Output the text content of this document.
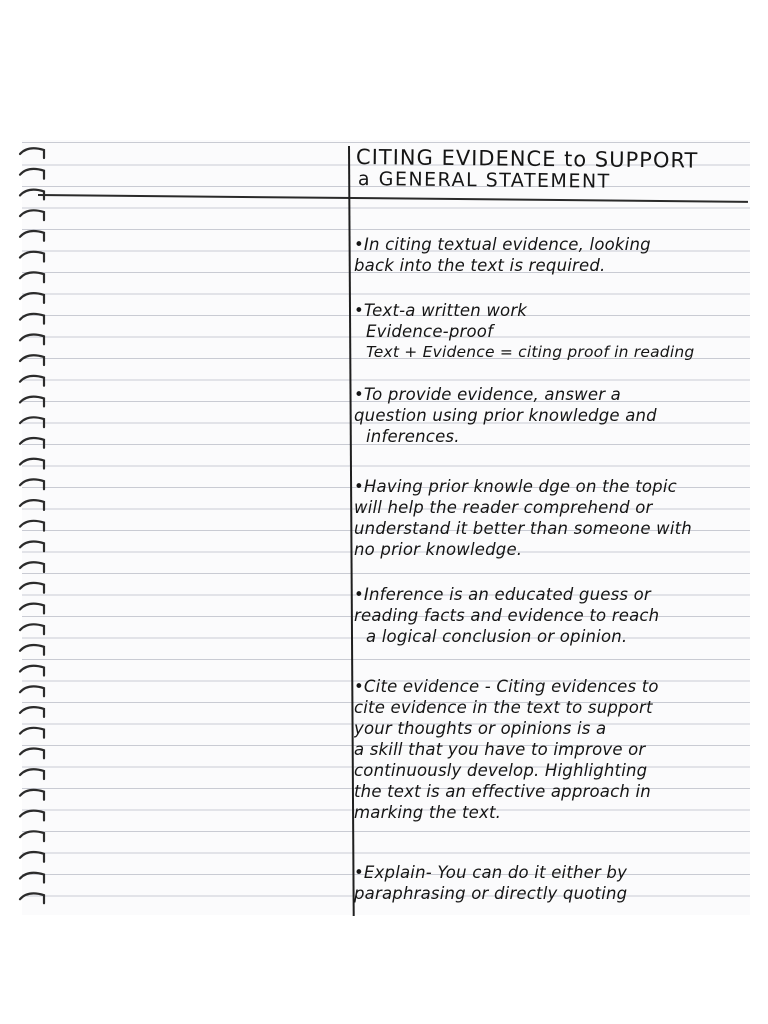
CITING EVIDENCE to SUPPORT
a GENERAL STATEMENT
•In citing textual evidence, looking
back into the text is required.
•Text-a written work
Evidence-proof
Text + Evidence = citing proof in reading
•To provide evidence, answer a
question using prior knowledge and
inferences.
•Having prior knowle dge on the topic
will help the reader comprehend or
understand it better than someone with
no prior knowledge.
•Inference is an educated guess or
reading facts and evidence to reach
a logical conclusion or opinion.
•Cite evidence - Citing evidences to
cite evidence in the text to support
your thoughts or opinions is a
a skill that you have to improve or
continuously develop. Highlighting
the text is an effective approach in
marking the text.
•Explain- You can do it either by
paraphrasing or directly quoting
